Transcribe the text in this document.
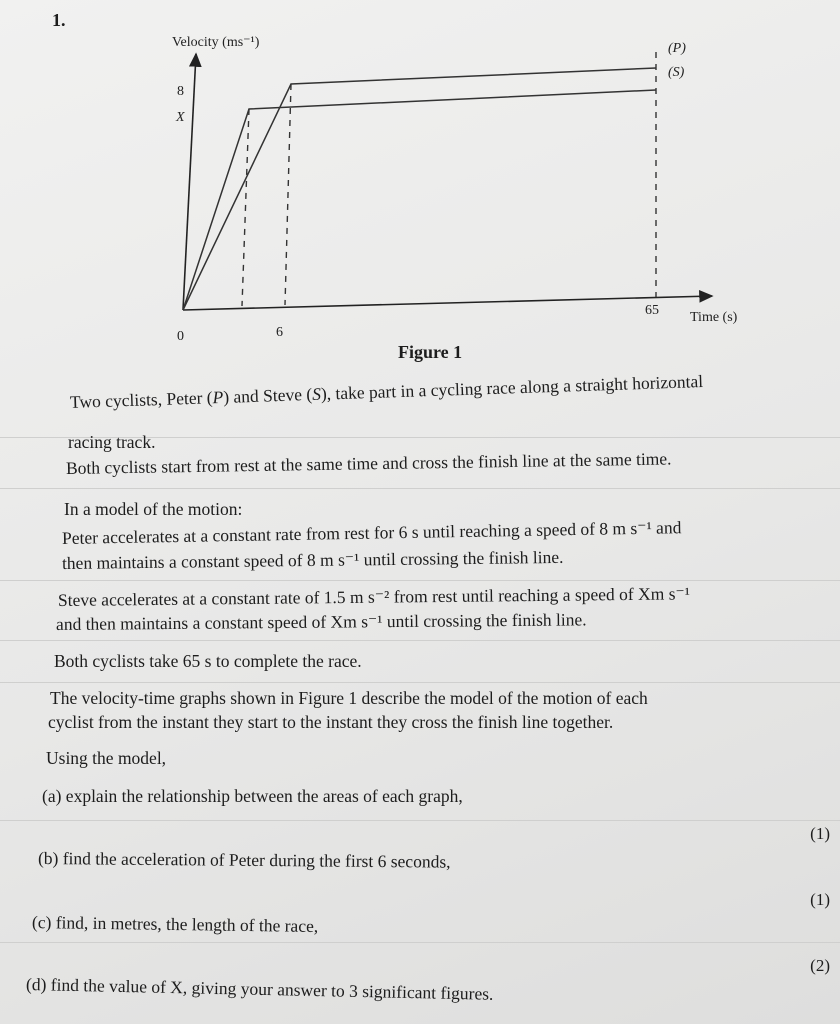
1.
Velocity (ms⁻¹)
Time (s)
8
X
0	6
65
(P)
(S)
Figure 1
Two cyclists, Peter (P) and Steve (S), take part in a cycling race along a straight horizontal
racing track.
Both cyclists start from rest at the same time and cross the finish line at the same time.
In a model of the motion:
Peter accelerates at a constant rate from rest for 6 s until reaching a speed of 8 m s⁻¹ and
then maintains a constant speed of 8 m s⁻¹ until crossing the finish line.
Steve accelerates at a constant rate of 1.5 m s⁻² from rest until reaching a speed of Xm s⁻¹
and then maintains a constant speed of Xm s⁻¹ until crossing the finish line.
Both cyclists take 65 s to complete the race.
The velocity-time graphs shown in Figure 1 describe the model of the motion of each
cyclist from the instant they start to the instant they cross the finish line together.
Using the model,
(a) explain the relationship between the areas of each graph,
(1)
(b) find the acceleration of Peter during the first 6 seconds,
(1)
(c) find, in metres, the length of the race,
(2)
(d) find the value of X, giving your answer to 3 significant figures.
